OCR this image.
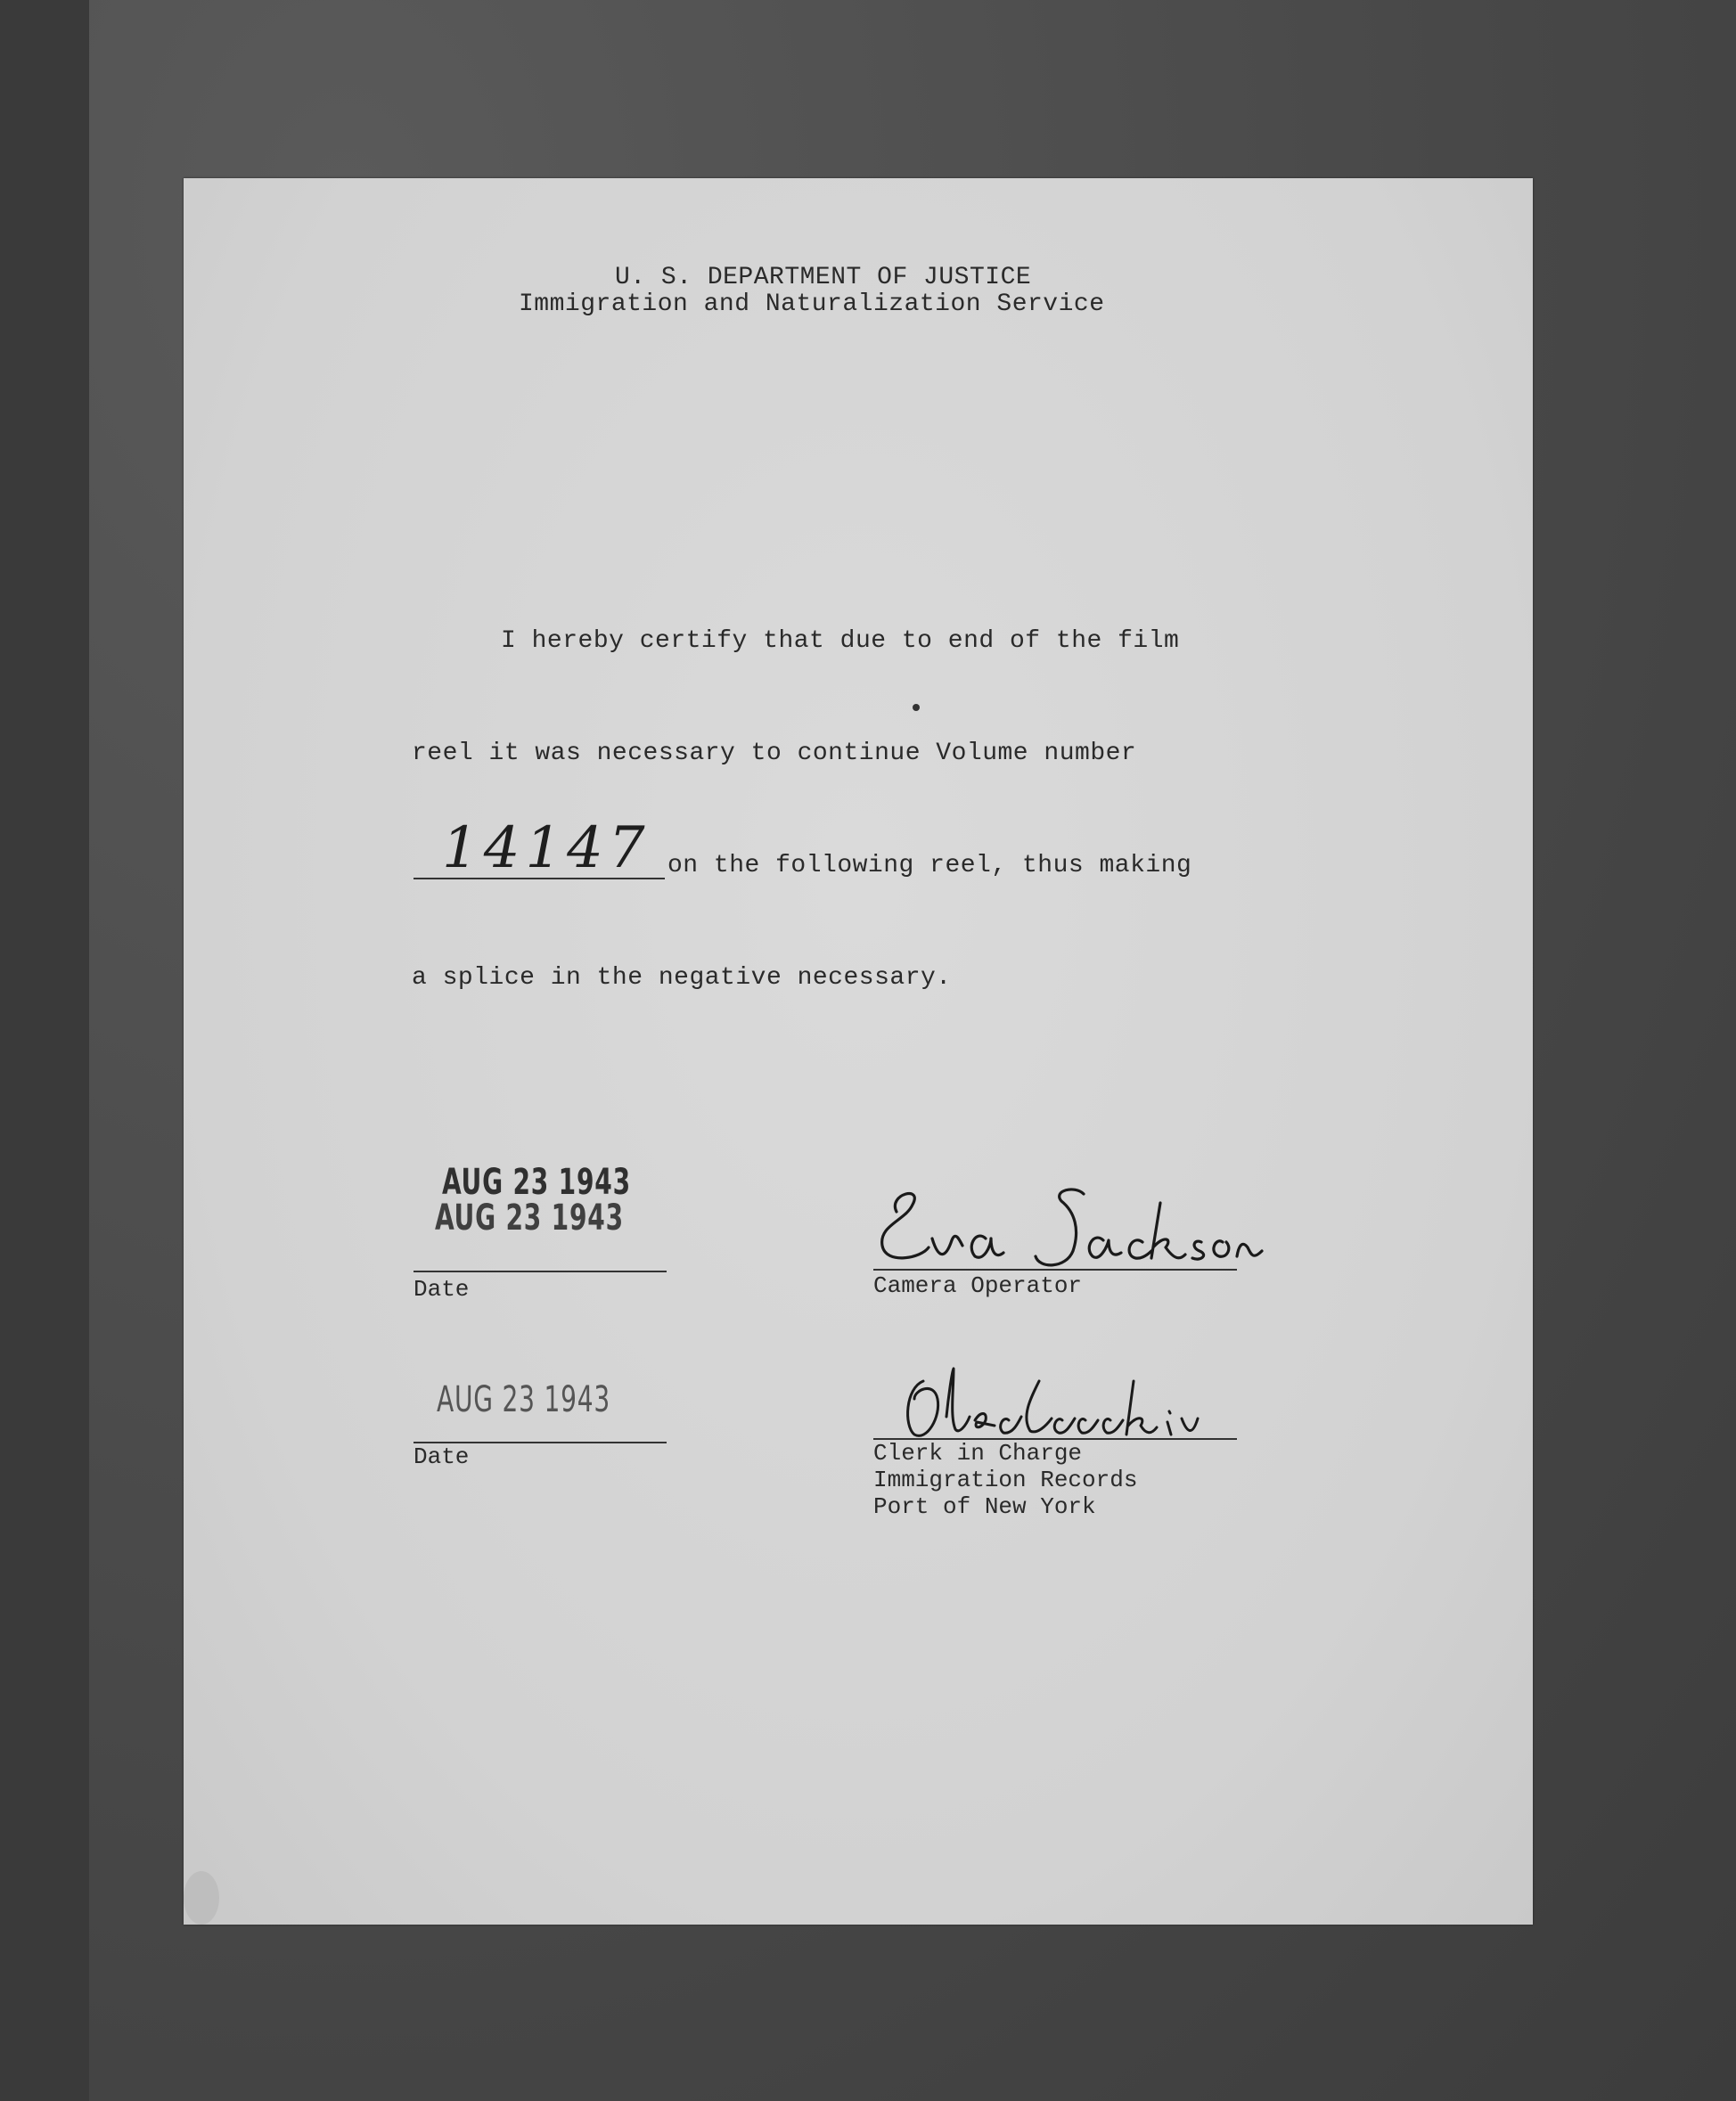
U. S. DEPARTMENT OF JUSTICE
Immigration and Naturalization Service
I hereby certify that due to end of the film
reel it was necessary to continue Volume number
14147 on the following reel, thus making
a splice in the negative necessary.
AUG 23 1943
AUG 23 1943
Date	Camera Operator
AUG 23 1943
Date	Clerk in Charge
Immigration Records
Port of New York
